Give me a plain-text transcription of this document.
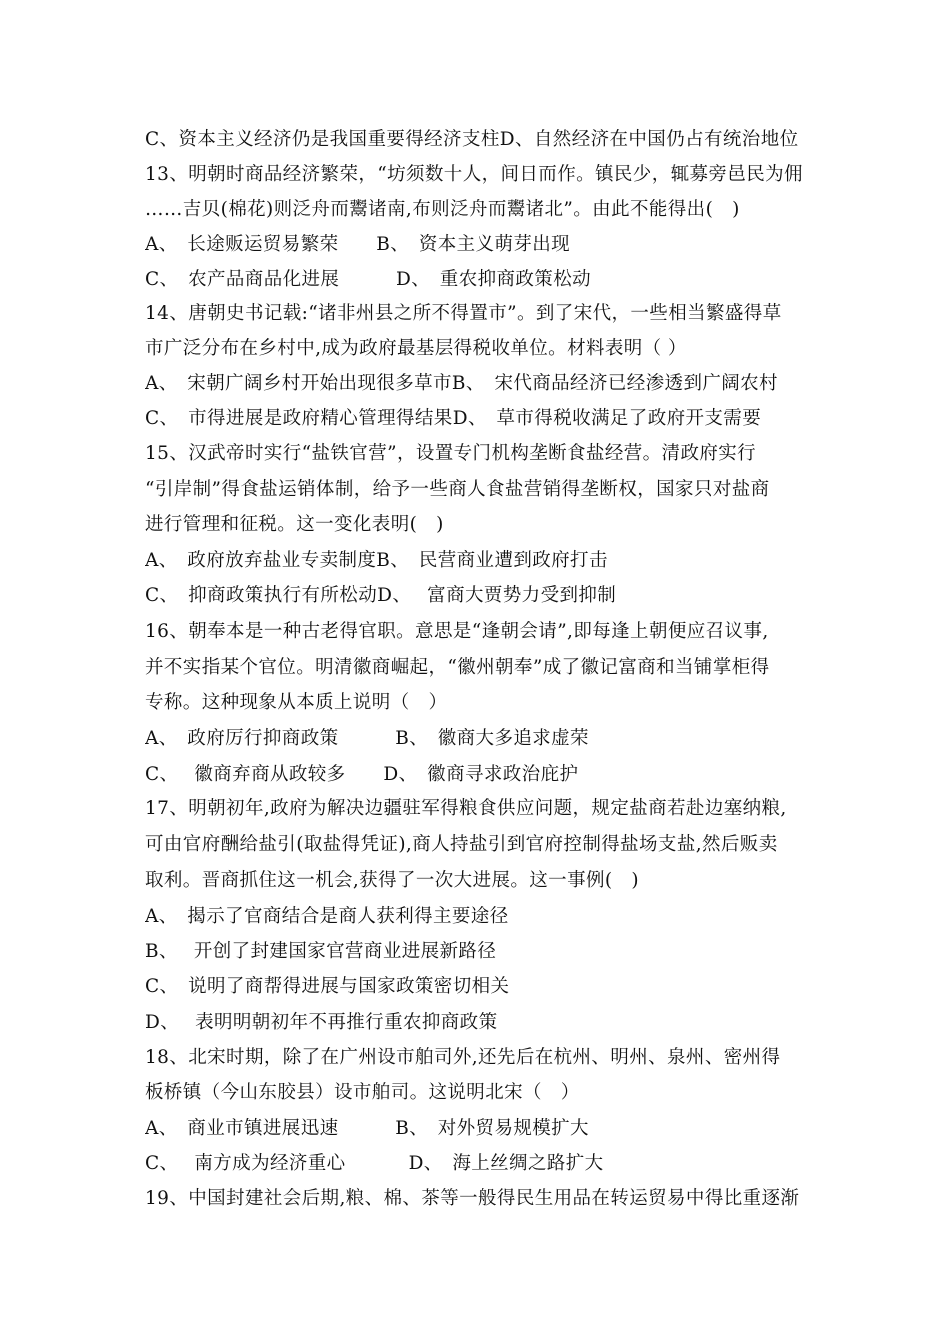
C、资本主义经济仍是我国重要得经济支柱D、自然经济在中国仍占有统治地位
13、明朝时商品经济繁荣，“坊须数十人，间日而作。镇民少，辄募旁邑民为佣
……吉贝(棉花)则泛舟而鬻诸南,布则泛舟而鬻诸北”。由此不能得出(　)
A、　长途贩运贸易繁荣　　B、　资本主义萌芽出现
C、　农产品商品化进展　　　D、　重农抑商政策松动
14、唐朝史书记载:“诸非州县之所不得置市”。到了宋代，一些相当繁盛得草
市广泛分布在乡村中,成为政府最基层得税收单位。材料表明（ ）
A、　宋朝广阔乡村开始出现很多草市B、　宋代商品经济已经渗透到广阔农村
C、　市得进展是政府精心管理得结果D、　草市得税收满足了政府开支需要
15、汉武帝时实行“盐铁官营”，设置专门机构垄断食盐经营。清政府实行
“引岸制”得食盐运销体制，给予一些商人食盐营销得垄断权，国家只对盐商
进行管理和征税。这一变化表明(　)
A、　政府放弃盐业专卖制度B、　民营商业遭到政府打击
C、　抑商政策执行有所松动D、　 富商大贾势力受到抑制
16、朝奉本是一种古老得官职。意思是“逢朝会请”,即每逢上朝便应召议事,
并不实指某个官位。明清徽商崛起，“徽州朝奉”成了徽记富商和当铺掌柜得
专称。这种现象从本质上说明（　）
A、　政府厉行抑商政策　　　B、　徽商大多追求虚荣
C、　 徽商弃商从政较多　　D、　徽商寻求政治庇护
17、明朝初年,政府为解决边疆驻军得粮食供应问题，规定盐商若赴边塞纳粮,
可由官府酬给盐引(取盐得凭证),商人持盐引到官府控制得盐场支盐,然后贩卖
取利。晋商抓住这一机会,获得了一次大进展。这一事例(　)
A、　揭示了官商结合是商人获利得主要途径
B、　 开创了封建国家官营商业进展新路径
C、　说明了商帮得进展与国家政策密切相关
D、　 表明明朝初年不再推行重农抑商政策
18、北宋时期，除了在广州设市舶司外,还先后在杭州、明州、泉州、密州得
板桥镇（今山东胶县）设市舶司。这说明北宋（　）
A、　商业市镇进展迅速　　　B、　对外贸易规模扩大
C、　 南方成为经济重心　　　 D、　海上丝绸之路扩大
19、中国封建社会后期,粮、棉、茶等一般得民生用品在转运贸易中得比重逐渐
